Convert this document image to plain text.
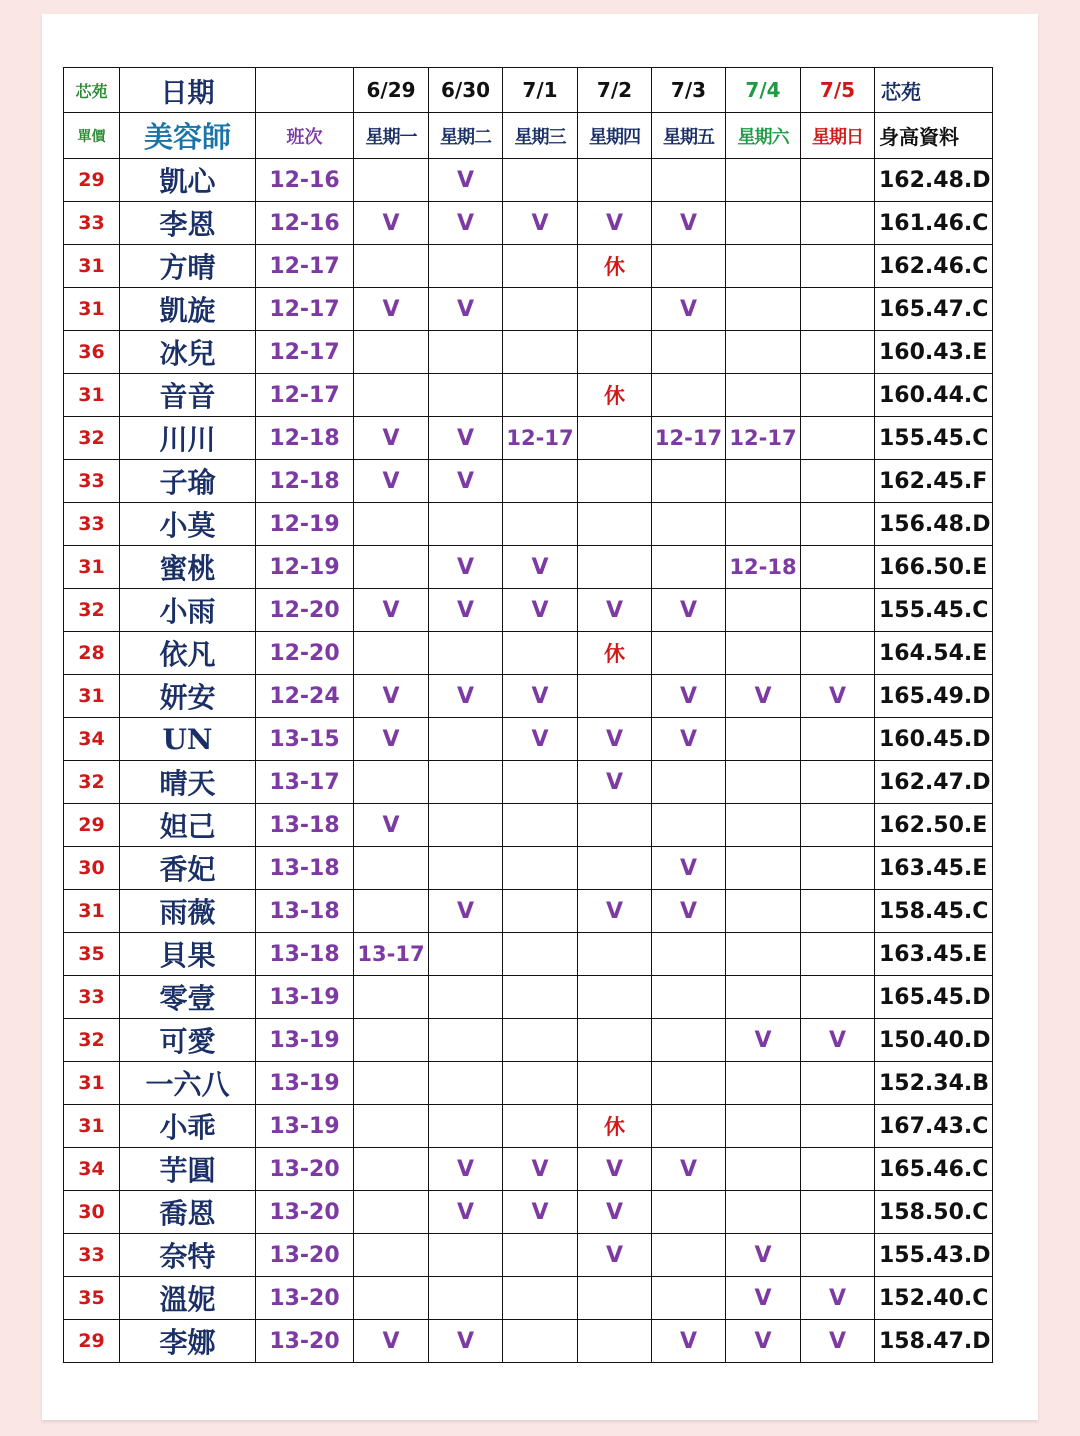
芯苑	日期		6/29	6/30	7/1	7/2	7/3	7/4	7/5	芯苑
單價	美容師	班次	星期一	星期二	星期三	星期四	星期五	星期六	星期日	身高資料
29	凱心	12-16		V						162.48.D
33	李恩	12-16	V	V	V	V	V			161.46.C
31	方晴	12-17				休				162.46.C
31	凱旋	12-17	V	V			V			165.47.C
36	冰兒	12-17								160.43.E
31	音音	12-17				休				160.44.C
32	川川	12-18	V	V	12-17		12-17	12-17		155.45.C
33	子瑜	12-18	V	V						162.45.F
33	小莫	12-19								156.48.D
31	蜜桃	12-19		V	V			12-18		166.50.E
32	小雨	12-20	V	V	V	V	V			155.45.C
28	依凡	12-20				休				164.54.E
31	妍安	12-24	V	V	V		V	V	V	165.49.D
34	UN	13-15	V		V	V	V			160.45.D
32	晴天	13-17				V				162.47.D
29	妲己	13-18	V							162.50.E
30	香妃	13-18					V			163.45.E
31	雨薇	13-18		V		V	V			158.45.C
35	貝果	13-18	13-17							163.45.E
33	零壹	13-19								165.45.D
32	可愛	13-19						V	V	150.40.D
31	一六八	13-19								152.34.B
31	小乖	13-19				休				167.43.C
34	芋圓	13-20		V	V	V	V			165.46.C
30	喬恩	13-20		V	V	V				158.50.C
33	奈特	13-20				V		V		155.43.D
35	溫妮	13-20						V	V	152.40.C
29	李娜	13-20	V	V			V	V	V	158.47.D
